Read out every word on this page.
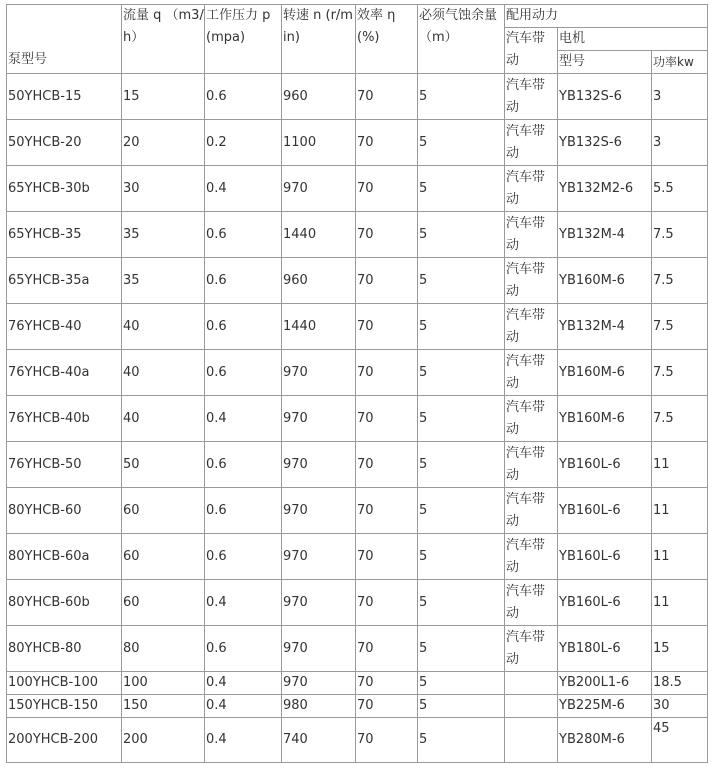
泵型号	流量 q （m3/h）	工作压力 p (mpa)	转速 n (r/min)	效率 η (%)	必须气蚀余量 （m）	配用动力		
						汽车带动	电机	
							型号	功率kw
50YHCB-15	15	0.6	960	70	5	汽车带动	YB132S-6	3
50YHCB-20	20	0.2	1100	70	5	汽车带动	YB132S-6	3
65YHCB-30b	30	0.4	970	70	5	汽车带动	YB132M2-6	5.5
65YHCB-35	35	0.6	1440	70	5	汽车带动	YB132M-4	7.5
65YHCB-35a	35	0.6	960	70	5	汽车带动	YB160M-6	7.5
76YHCB-40	40	0.6	1440	70	5	汽车带动	YB132M-4	7.5
76YHCB-40a	40	0.6	970	70	5	汽车带动	YB160M-6	7.5
76YHCB-40b	40	0.4	970	70	5	汽车带动	YB160M-6	7.5
76YHCB-50	50	0.6	970	70	5	汽车带动	YB160L-6	11
80YHCB-60	60	0.6	970	70	5	汽车带动	YB160L-6	11
80YHCB-60a	60	0.6	970	70	5	汽车带动	YB160L-6	11
80YHCB-60b	60	0.4	970	70	5	汽车带动	YB160L-6	11
80YHCB-80	80	0.6	970	70	5	汽车带动	YB180L-6	15
100YHCB-100	100	0.4	970	70	5		YB200L1-6	18.5
150YHCB-150	150	0.4	980	70	5		YB225M-6	30
200YHCB-200	200	0.4	740	70	5		YB280M-6	45
